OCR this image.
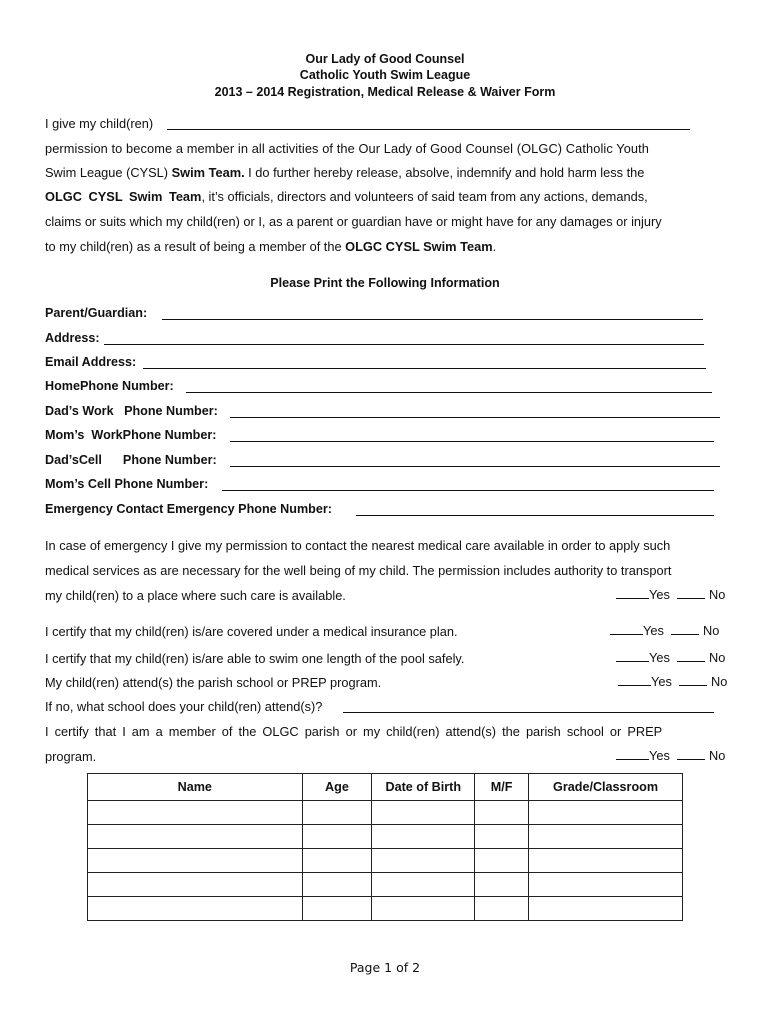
Our Lady of Good Counsel
Catholic Youth Swim League
2013 – 2014 Registration, Medical Release & Waiver Form
I give my child(ren)
permission to become a member in all activities of the Our Lady of Good Counsel (OLGC) Catholic Youth
Swim League (CYSL) Swim Team. I do further hereby release, absolve, indemnify and hold harm less the
OLGC CYSL Swim Team, it’s officials, directors and volunteers of said team from any actions, demands,
claims or suits which my child(ren) or I, as a parent or guardian have or might have for any damages or injury
to my child(ren) as a result of being a member of the OLGC CYSL Swim Team.
Please Print the Following Information
Parent/Guardian:
Address:
Email Address:
HomePhone Number:
Dad’s Work   Phone Number:
Mom’s  WorkPhone Number:
Dad’sCell      Phone Number:
Mom’s Cell Phone Number:
Emergency Contact Emergency Phone Number:
In case of emergency I give my permission to contact the nearest medical care available in order to apply such
medical services as are necessary for the well being of my child. The permission includes authority to transport
my child(ren) to a place where such care is available.	Yes	No
I certify that my child(ren) is/are covered under a medical insurance plan.	Yes	No
I certify that my child(ren) is/are able to swim one length of the pool safely.	Yes	No
My child(ren) attend(s) the parish school or PREP program.	Yes	No
If no, what school does your child(ren) attend(s)?
I certify that I am a member of the OLGC parish or my child(ren) attend(s) the parish school or PREP
program.	Yes	No
Name	Age	Date of Birth	M/F	Grade/Classroom

Page 1 of 2
